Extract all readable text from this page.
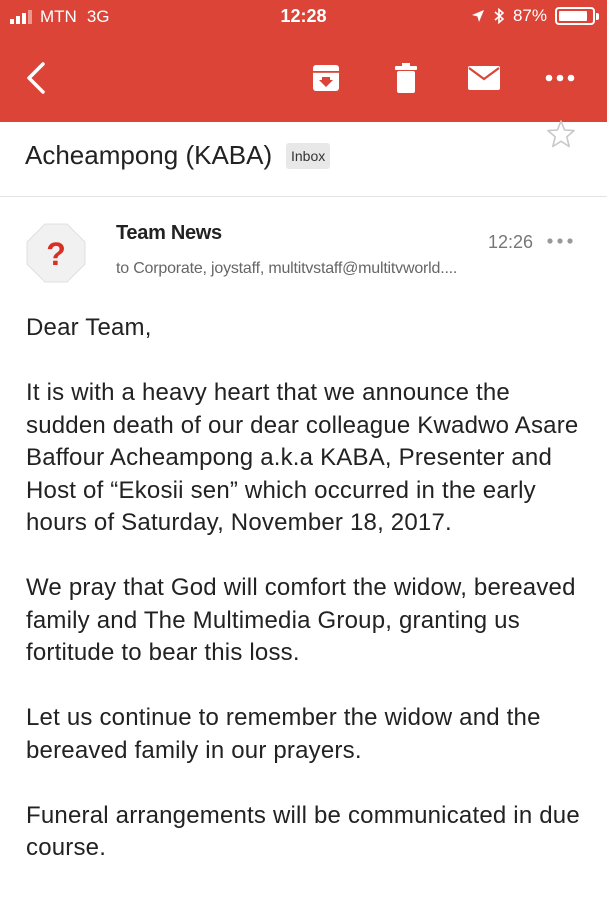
MTN 3G	12:28	87%
Acheampong (KABA)	Inbox
?
Team News	12:26
to Corporate, joystaff, multitvstaff@multitvworld....

Dear Team,

It is with a heavy heart that we announce the sudden death of our dear colleague Kwadwo Asare Baffour Acheampong a.k.a KABA, Presenter and Host of “Ekosii sen” which occurred in the early hours of Saturday, November 18, 2017.

We pray that God will comfort the widow, bereaved family and The Multimedia Group, granting us fortitude to bear this loss.

Let us continue to remember the widow and the bereaved family in our prayers.

Funeral arrangements will be communicated in due course.
